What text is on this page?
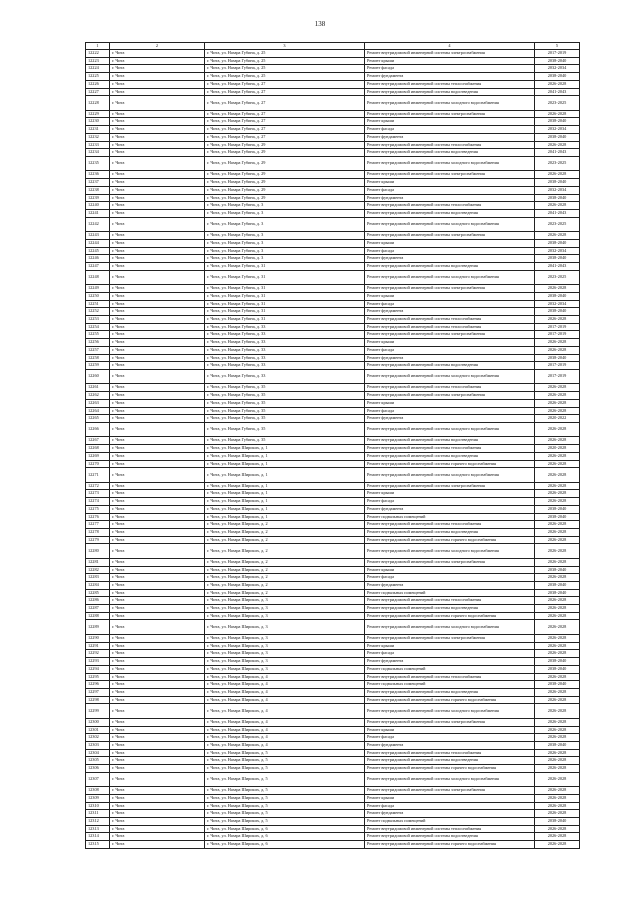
138
1	2	3	4	5
12222	г. Чита	г. Чита, ул. Назара Губина, д. 25	Ремонт внутридомовой инженерной системы электроснабжения	2017-2019
12223	г. Чита	г. Чита, ул. Назара Губина, д. 25	Ремонт крыши	2038-2040
12224	г. Чита	г. Чита, ул. Назара Губина, д. 25	Ремонт фасада	2032-2034
12225	г. Чита	г. Чита, ул. Назара Губина, д. 25	Ремонт фундамента	2038-2040
12226	г. Чита	г. Чита, ул. Назара Губина, д. 27	Ремонт внутридомовой инженерной системы теплоснабжения	2026-2028
12227	г. Чита	г. Чита, ул. Назара Губина, д. 27	Ремонт внутридомовой инженерной системы водоотведения	2041-2043
12228	г. Чита	г. Чита, ул. Назара Губина, д. 27	Ремонт внутридомовой инженерной системы холодного водоснабжения	2023-2025
12229	г. Чита	г. Чита, ул. Назара Губина, д. 27	Ремонт внутридомовой инженерной системы электроснабжения	2026-2028
12230	г. Чита	г. Чита, ул. Назара Губина, д. 27	Ремонт крыши	2038-2040
12231	г. Чита	г. Чита, ул. Назара Губина, д. 27	Ремонт фасада	2032-2034
12232	г. Чита	г. Чита, ул. Назара Губина, д. 27	Ремонт фундамента	2038-2040
12233	г. Чита	г. Чита, ул. Назара Губина, д. 29	Ремонт внутридомовой инженерной системы теплоснабжения	2026-2028
12234	г. Чита	г. Чита, ул. Назара Губина, д. 29	Ремонт внутридомовой инженерной системы водоотведения	2041-2043
12235	г. Чита	г. Чита, ул. Назара Губина, д. 29	Ремонт внутридомовой инженерной системы холодного водоснабжения	2023-2025
12236	г. Чита	г. Чита, ул. Назара Губина, д. 29	Ремонт внутридомовой инженерной системы электроснабжения	2026-2028
12237	г. Чита	г. Чита, ул. Назара Губина, д. 29	Ремонт крыши	2038-2040
12238	г. Чита	г. Чита, ул. Назара Губина, д. 29	Ремонт фасада	2032-2034
12239	г. Чита	г. Чита, ул. Назара Губина, д. 29	Ремонт фундамента	2038-2040
12240	г. Чита	г. Чита, ул. Назара Губина, д. 3	Ремонт внутридомовой инженерной системы теплоснабжения	2026-2028
12241	г. Чита	г. Чита, ул. Назара Губина, д. 3	Ремонт внутридомовой инженерной системы водоотведения	2041-2043
12242	г. Чита	г. Чита, ул. Назара Губина, д. 3	Ремонт внутридомовой инженерной системы холодного водоснабжения	2023-2025
12243	г. Чита	г. Чита, ул. Назара Губина, д. 3	Ремонт внутридомовой инженерной системы электроснабжения	2026-2028
12244	г. Чита	г. Чита, ул. Назара Губина, д. 3	Ремонт крыши	2038-2040
12245	г. Чита	г. Чита, ул. Назара Губина, д. 3	Ремонт фасада	2032-2034
12246	г. Чита	г. Чита, ул. Назара Губина, д. 3	Ремонт фундамента	2038-2040
12247	г. Чита	г. Чита, ул. Назара Губина, д. 31	Ремонт внутридомовой инженерной системы водоотведения	2041-2043
12248	г. Чита	г. Чита, ул. Назара Губина, д. 31	Ремонт внутридомовой инженерной системы холодного водоснабжения	2023-2025
12249	г. Чита	г. Чита, ул. Назара Губина, д. 31	Ремонт внутридомовой инженерной системы электроснабжения	2026-2028
12250	г. Чита	г. Чита, ул. Назара Губина, д. 31	Ремонт крыши	2038-2040
12251	г. Чита	г. Чита, ул. Назара Губина, д. 31	Ремонт фасада	2032-2034
12252	г. Чита	г. Чита, ул. Назара Губина, д. 31	Ремонт фундамента	2038-2040
12253	г. Чита	г. Чита, ул. Назара Губина, д. 31	Ремонт внутридомовой инженерной системы теплоснабжения	2026-2028
12254	г. Чита	г. Чита, ул. Назара Губина, д. 33	Ремонт внутридомовой инженерной системы теплоснабжения	2017-2019
12255	г. Чита	г. Чита, ул. Назара Губина, д. 33	Ремонт внутридомовой инженерной системы электроснабжения	2017-2019
12256	г. Чита	г. Чита, ул. Назара Губина, д. 33	Ремонт крыши	2026-2028
12257	г. Чита	г. Чита, ул. Назара Губина, д. 33	Ремонт фасада	2026-2028
12258	г. Чита	г. Чита, ул. Назара Губина, д. 33	Ремонт фундамента	2038-2040
12259	г. Чита	г. Чита, ул. Назара Губина, д. 33	Ремонт внутридомовой инженерной системы водоотведения	2017-2019
12260	г. Чита	г. Чита, ул. Назара Губина, д. 33	Ремонт внутридомовой инженерной системы холодного водоснабжения	2017-2019
12261	г. Чита	г. Чита, ул. Назара Губина, д. 35	Ремонт внутридомовой инженерной системы теплоснабжения	2026-2028
12262	г. Чита	г. Чита, ул. Назара Губина, д. 35	Ремонт внутридомовой инженерной системы электроснабжения	2026-2028
12263	г. Чита	г. Чита, ул. Назара Губина, д. 35	Ремонт крыши	2026-2028
12264	г. Чита	г. Чита, ул. Назара Губина, д. 35	Ремонт фасада	2026-2028
12265	г. Чита	г. Чита, ул. Назара Губина, д. 35	Ремонт фундамента	2020-2022
12266	г. Чита	г. Чита, ул. Назара Губина, д. 35	Ремонт внутридомовой инженерной системы холодного водоснабжения	2026-2028
12267	г. Чита	г. Чита, ул. Назара Губина, д. 35	Ремонт внутридомовой инженерной системы водоотведения	2026-2028
12268	г. Чита	г. Чита, ул. Назара Широких, д. 1	Ремонт внутридомовой инженерной системы теплоснабжения	2020-2028
12269	г. Чита	г. Чита, ул. Назара Широких, д. 1	Ремонт внутридомовой инженерной системы водоотведения	2026-2028
12270	г. Чита	г. Чита, ул. Назара Широких, д. 1	Ремонт внутридомовой инженерной системы горячего водоснабжения	2026-2028
12271	г. Чита	г. Чита, ул. Назара Широких, д. 1	Ремонт внутридомовой инженерной системы холодного водоснабжения	2026-2028
12272	г. Чита	г. Чита, ул. Назара Широких, д. 1	Ремонт внутридомовой инженерной системы электроснабжения	2026-2028
12273	г. Чита	г. Чита, ул. Назара Широких, д. 1	Ремонт крыши	2026-2028
12274	г. Чита	г. Чита, ул. Назара Широких, д. 1	Ремонт фасада	2026-2028
12275	г. Чита	г. Чита, ул. Назара Широких, д. 1	Ремонт фундамента	2038-2040
12276	г. Чита	г. Чита, ул. Назара Широких, д. 1	Ремонт подвальных помещений	2038-2040
12277	г. Чита	г. Чита, ул. Назара Широких, д. 2	Ремонт внутридомовой инженерной системы теплоснабжения	2026-2028
12278	г. Чита	г. Чита, ул. Назара Широких, д. 2	Ремонт внутридомовой инженерной системы водоотведения	2026-2028
12279	г. Чита	г. Чита, ул. Назара Широких, д. 2	Ремонт внутридомовой инженерной системы горячего водоснабжения	2026-2028
12280	г. Чита	г. Чита, ул. Назара Широких, д. 2	Ремонт внутридомовой инженерной системы холодного водоснабжения	2026-2028
12281	г. Чита	г. Чита, ул. Назара Широких, д. 2	Ремонт внутридомовой инженерной системы электроснабжения	2026-2028
12282	г. Чита	г. Чита, ул. Назара Широких, д. 2	Ремонт крыши	2038-2040
12283	г. Чита	г. Чита, ул. Назара Широких, д. 2	Ремонт фасада	2026-2028
12284	г. Чита	г. Чита, ул. Назара Широких, д. 2	Ремонт фундамента	2038-2040
12285	г. Чита	г. Чита, ул. Назара Широких, д. 2	Ремонт подвальных помещений	2038-2040
12286	г. Чита	г. Чита, ул. Назара Широких, д. 3	Ремонт внутридомовой инженерной системы теплоснабжения	2026-2028
12287	г. Чита	г. Чита, ул. Назара Широких, д. 3	Ремонт внутридомовой инженерной системы водоотведения	2026-2028
12288	г. Чита	г. Чита, ул. Назара Широких, д. 3	Ремонт внутридомовой инженерной системы горячего водоснабжения	2026-2028
12289	г. Чита	г. Чита, ул. Назара Широких, д. 3	Ремонт внутридомовой инженерной системы холодного водоснабжения	2026-2028
12290	г. Чита	г. Чита, ул. Назара Широких, д. 3	Ремонт внутридомовой инженерной системы электроснабжения	2026-2028
12291	г. Чита	г. Чита, ул. Назара Широких, д. 3	Ремонт крыши	2026-2028
12292	г. Чита	г. Чита, ул. Назара Широких, д. 3	Ремонт фасада	2026-2028
12293	г. Чита	г. Чита, ул. Назара Широких, д. 3	Ремонт фундамента	2038-2040
12294	г. Чита	г. Чита, ул. Назара Широких, д. 3	Ремонт подвальных помещений	2038-2040
12295	г. Чита	г. Чита, ул. Назара Широких, д. 4	Ремонт внутридомовой инженерной системы теплоснабжения	2026-2028
12296	г. Чита	г. Чита, ул. Назара Широких, д. 4	Ремонт подвальных помещений	2038-2040
12297	г. Чита	г. Чита, ул. Назара Широких, д. 4	Ремонт внутридомовой инженерной системы водоотведения	2026-2028
12298	г. Чита	г. Чита, ул. Назара Широких, д. 4	Ремонт внутридомовой инженерной системы горячего водоснабжения	2026-2028
12299	г. Чита	г. Чита, ул. Назара Широких, д. 4	Ремонт внутридомовой инженерной системы холодного водоснабжения	2026-2028
12300	г. Чита	г. Чита, ул. Назара Широких, д. 4	Ремонт внутридомовой инженерной системы электроснабжения	2026-2028
12301	г. Чита	г. Чита, ул. Назара Широких, д. 4	Ремонт крыши	2026-2028
12302	г. Чита	г. Чита, ул. Назара Широких, д. 4	Ремонт фасада	2026-2028
12303	г. Чита	г. Чита, ул. Назара Широких, д. 4	Ремонт фундамента	2038-2040
12304	г. Чита	г. Чита, ул. Назара Широких, д. 5	Ремонт внутридомовой инженерной системы теплоснабжения	2026-2028
12305	г. Чита	г. Чита, ул. Назара Широких, д. 5	Ремонт внутридомовой инженерной системы водоотведения	2026-2028
12306	г. Чита	г. Чита, ул. Назара Широких, д. 5	Ремонт внутридомовой инженерной системы горячего водоснабжения	2026-2028
12307	г. Чита	г. Чита, ул. Назара Широких, д. 5	Ремонт внутридомовой инженерной системы холодного водоснабжения	2026-2028
12308	г. Чита	г. Чита, ул. Назара Широких, д. 5	Ремонт внутридомовой инженерной системы электроснабжения	2026-2028
12309	г. Чита	г. Чита, ул. Назара Широких, д. 5	Ремонт крыши	2026-2028
12310	г. Чита	г. Чита, ул. Назара Широких, д. 5	Ремонт фасада	2026-2028
12311	г. Чита	г. Чита, ул. Назара Широких, д. 5	Ремонт фундамента	2026-2028
12312	г. Чита	г. Чита, ул. Назара Широких, д. 5	Ремонт подвальных помещений	2038-2040
12313	г. Чита	г. Чита, ул. Назара Широких, д. 6	Ремонт внутридомовой инженерной системы теплоснабжения	2026-2028
12314	г. Чита	г. Чита, ул. Назара Широких, д. 6	Ремонт внутридомовой инженерной системы водоотведения	2026-2028
12315	г. Чита	г. Чита, ул. Назара Широких, д. 6	Ремонт внутридомовой инженерной системы горячего водоснабжения	2026-2028
